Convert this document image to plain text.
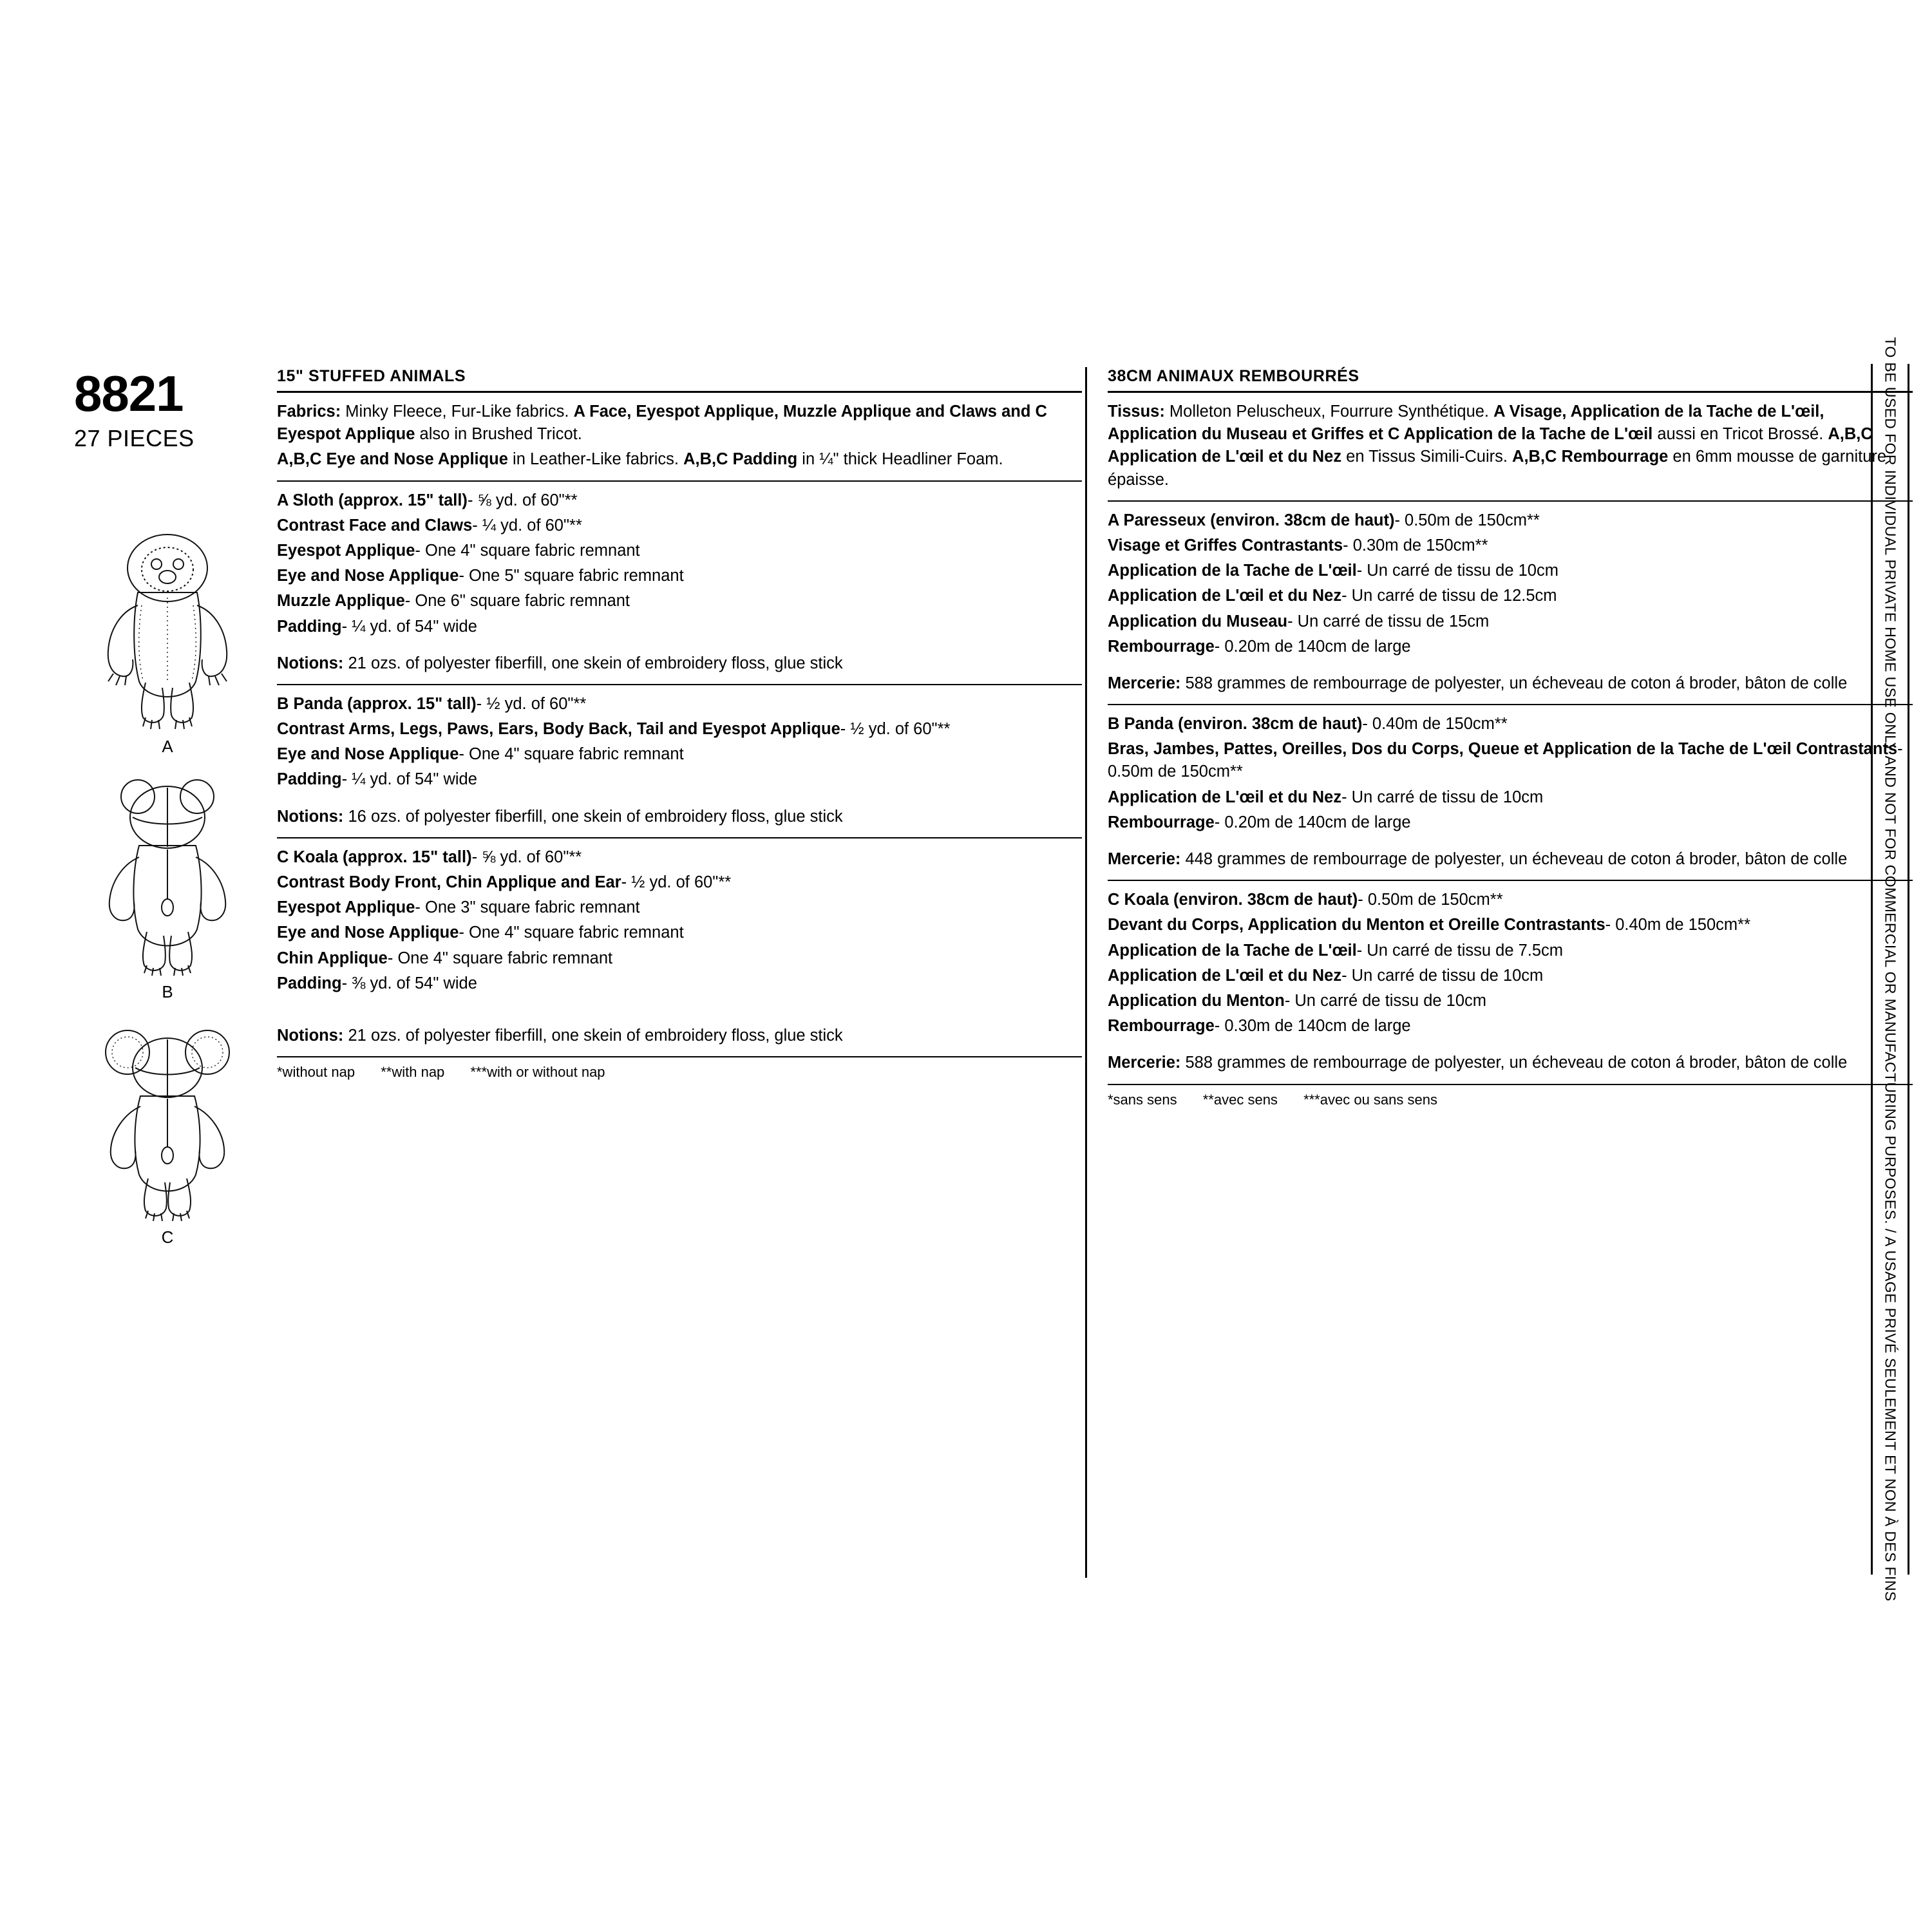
8821
27 PIECES
A
B
C
15" STUFFED ANIMALS

Fabrics: Minky Fleece, Fur-Like fabrics. A Face, Eyespot Applique, Muzzle Applique and Claws and C Eyespot Applique also in Brushed Tricot.

A,B,C Eye and Nose Applique in Leather-Like fabrics. A,B,C Padding in ¼" thick Headliner Foam.

A Sloth (approx. 15" tall)- ⅝ yd. of 60"**

Contrast Face and Claws- ¼ yd. of 60"**

Eyespot Applique- One 4" square fabric remnant

Eye and Nose Applique- One 5" square fabric remnant

Muzzle Applique- One 6" square fabric remnant

Padding- ¼ yd. of 54" wide

Notions: 21 ozs. of polyester fiberfill, one skein of embroidery floss, glue stick

B Panda (approx. 15" tall)- ½ yd. of 60"**

Contrast Arms, Legs, Paws, Ears, Body Back, Tail and Eyespot Applique- ½ yd. of 60"**

Eye and Nose Applique- One 4" square fabric remnant

Padding- ¼ yd. of 54" wide

Notions: 16 ozs. of polyester fiberfill, one skein of embroidery floss, glue stick

C Koala (approx. 15" tall)- ⅝ yd. of 60"**

Contrast Body Front, Chin Applique and Ear- ½ yd. of 60"**

Eyespot Applique- One 3" square fabric remnant

Eye and Nose Applique- One 4" square fabric remnant

Chin Applique- One 4" square fabric remnant

Padding- ⅜ yd. of 54" wide

Notions: 21 ozs. of polyester fiberfill, one skein of embroidery floss, glue stick

*without nap **with nap ***with or without nap
38CM ANIMAUX REMBOURRÉS

Tissus: Molleton Peluscheux, Fourrure Synthétique. A Visage, Application de la Tache de L'œil, Application du Museau et Griffes et C Application de la Tache de L'œil aussi en Tricot Brossé. A,B,C Application de L'œil et du Nez en Tissus Simili-Cuirs. A,B,C Rembourrage en 6mm mousse de garniture épaisse.

A Paresseux (environ. 38cm de haut)- 0.50m de 150cm**

Visage et Griffes Contrastants- 0.30m de 150cm**

Application de la Tache de L'œil- Un carré de tissu de 10cm

Application de L'œil et du Nez- Un carré de tissu de 12.5cm

Application du Museau- Un carré de tissu de 15cm

Rembourrage- 0.20m de 140cm de large

Mercerie: 588 grammes de rembourrage de polyester, un écheveau de coton á broder, bâton de colle

B Panda (environ. 38cm de haut)- 0.40m de 150cm**

Bras, Jambes, Pattes, Oreilles, Dos du Corps, Queue et Application de la Tache de L'œil Contrastants- 0.50m de 150cm**

Application de L'œil et du Nez- Un carré de tissu de 10cm

Rembourrage- 0.20m de 140cm de large

Mercerie: 448 grammes de rembourrage de polyester, un écheveau de coton á broder, bâton de colle

C Koala (environ. 38cm de haut)- 0.50m de 150cm**

Devant du Corps, Application du Menton et Oreille Contrastants- 0.40m de 150cm**

Application de la Tache de L'œil- Un carré de tissu de 7.5cm

Application de L'œil et du Nez- Un carré de tissu de 10cm

Application du Menton- Un carré de tissu de 10cm

Rembourrage- 0.30m de 140cm de large

Mercerie: 588 grammes de rembourrage de polyester, un écheveau de coton á broder, bâton de colle

*sans sens **avec sens ***avec ou sans sens	TO BE USED FOR INDIVIDUAL PRIVATE HOME USE ONLY AND NOT FOR COMMERCIAL OR MANUFACTURING PURPOSES. / A USAGE PRIVÉ SEULEMENT ET NON À DES FINS
